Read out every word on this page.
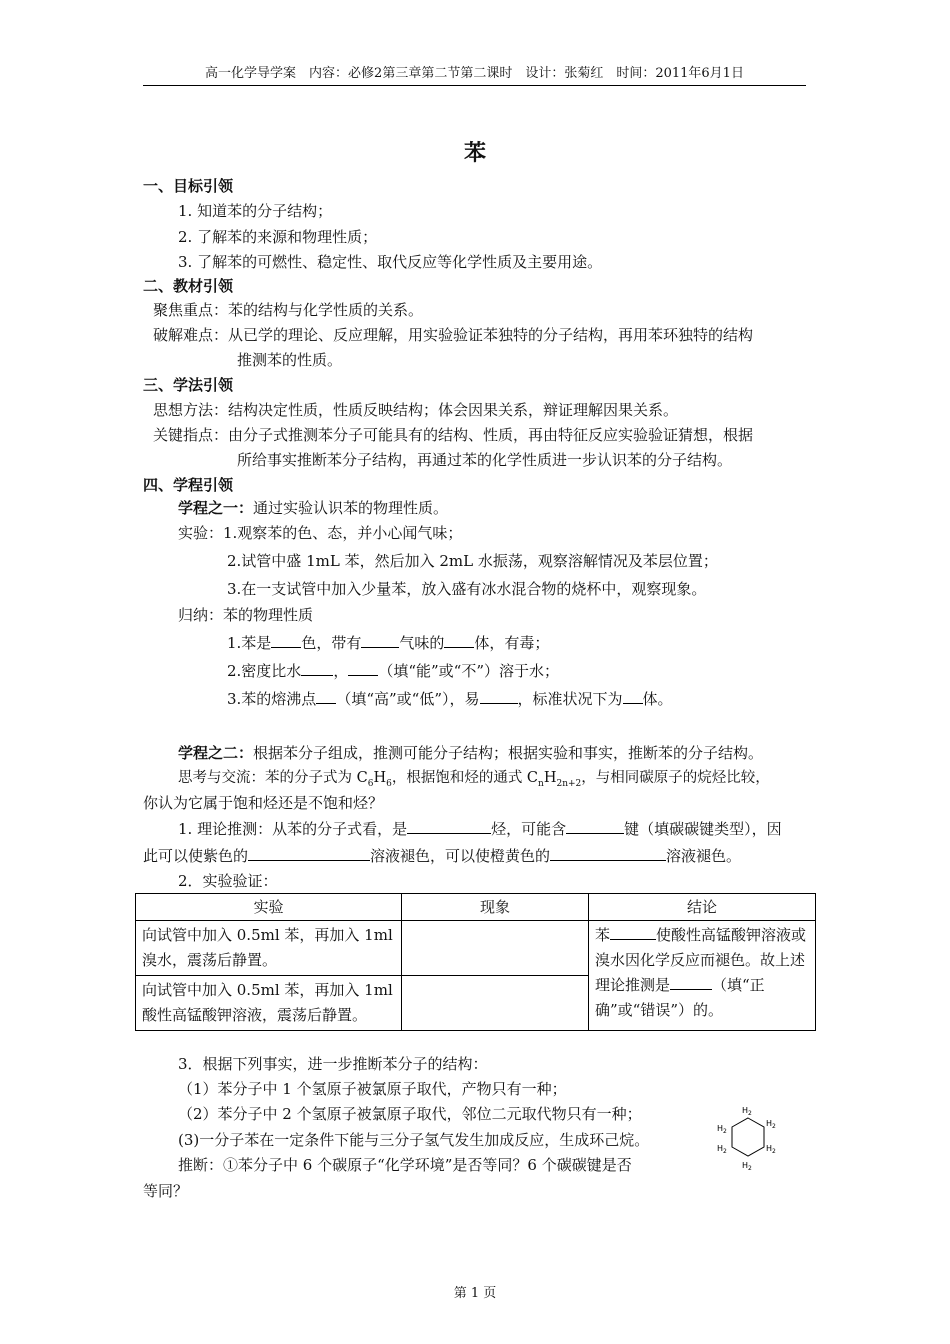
高一化学导学案　内容：必修2第三章第二节第二课时　设计：张菊红　时间：2011年6月1日
苯
一、目标引领
1. 知道苯的分子结构；
2. 了解苯的来源和物理性质；
3. 了解苯的可燃性、稳定性、取代反应等化学性质及主要用途。
二、教材引领
聚焦重点：苯的结构与化学性质的关系。
破解难点：从已学的理论、反应理解，用实验验证苯独特的分子结构，再用苯环独特的结构
推测苯的性质。
三、学法引领
思想方法：结构决定性质，性质反映结构；体会因果关系，辩证理解因果关系。
关键指点：由分子式推测苯分子可能具有的结构、性质，再由特征反应实验验证猜想，根据
所给事实推断苯分子结构，再通过苯的化学性质进一步认识苯的分子结构。
四、学程引领
学程之一：通过实验认识苯的物理性质。
实验：1.观察苯的色、态，并小心闻气味；
2.试管中盛 1mL 苯，然后加入 2mL 水振荡，观察溶解情况及苯层位置；
3.在一支试管中加入少量苯，放入盛有冰水混合物的烧杯中，观察现象。
归纳：苯的物理性质
1.苯是 色，带有	气味的 体，有毒；
2.密度比水 ， （填“能”或“不”）溶于水；
3.苯的熔沸点 （填“高”或“低”），易	，标准状况下为 体。
学程之二：根据苯分子组成，推测可能分子结构；根据实验和事实，推断苯的分子结构。
思考与交流：苯的分子式为 $C_6H_6$，根据饱和烃的通式 $C_nH_{2n+2}$，与相同碳原子的烷烃比较，
你认为它属于饱和烃还是不饱和烃？
1. 理论推测：从苯的分子式看，是	烃，可能含	键（填碳碳键类型），因
此可以使紫色的	溶液褪色，可以使橙黄色的	溶液褪色。
2．实验验证：
实验	现象	结论
向试管中加入 0.5ml 苯，再加入 1ml 溴水，震荡后静置。		苯 使酸性高锰酸钾溶液或溴水因化学反应而褪色。故上述理论推测是 （填“正确”或“错误”）的。
向试管中加入 0.5ml 苯，再加入 1ml 酸性高锰酸钾溶液，震荡后静置。		
3．根据下列事实，进一步推断苯分子的结构：
（1）苯分子中 1 个氢原子被氯原子取代，产物只有一种；
（2）苯分子中 2 个氢原子被氯原子取代，邻位二元取代物只有一种；
(3)一分子苯在一定条件下能与三分子氢气发生加成反应，生成环己烷。
推断：①苯分子中 6 个碳原子“化学环境”是否等同？6 个碳碳键是否
等同？
$H_2$
$H_2$
$H_2$
$H_2$
$H_2$
$H_2$
第 1 页
